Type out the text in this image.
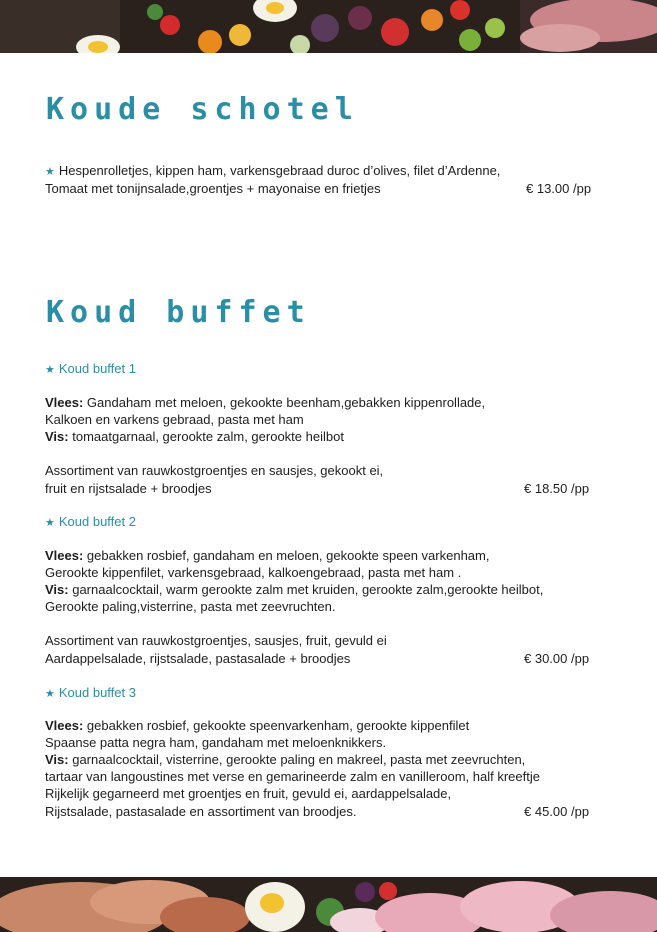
Koude schotel
★ Hespenrolletjes, kippen ham, varkensgebraad duroc d’olives, filet d’Ardenne,
Tomaat met tonijnsalade,groentjes + mayonaise en frietjes	€ 13.00 /pp
Koud buffet
★ Koud buffet 1
Vlees: Gandaham met meloen, gekookte beenham,gebakken kippenrollade,
Kalkoen en varkens gebraad, pasta met ham
Vis: tomaatgarnaal, gerookte zalm, gerookte heilbot
Assortiment van rauwkostgroentjes en sausjes, gekookt ei,
fruit en rijstsalade + broodjes	€ 18.50 /pp
★ Koud buffet 2
Vlees: gebakken rosbief, gandaham en meloen, gekookte speen varkenham,
Gerookte kippenfilet, varkensgebraad, kalkoengebraad, pasta met ham .
Vis: garnaalcocktail, warm gerookte zalm met kruiden, gerookte zalm,gerookte heilbot,
Gerookte paling,visterrine, pasta met zeevruchten.
Assortiment van rauwkostgroentjes, sausjes, fruit, gevuld ei
Aardappelsalade, rijstsalade, pastasalade + broodjes	€ 30.00 /pp
★ Koud buffet 3
Vlees: gebakken rosbief, gekookte speenvarkenham, gerookte kippenfilet
Spaanse patta negra ham, gandaham met meloenknikkers.
Vis: garnaalcocktail, visterrine, gerookte paling en makreel, pasta met zeevruchten,
tartaar van langoustines met verse en gemarineerde zalm en vanilleroom, half kreeftje
Rijkelijk gegarneerd met groentjes en fruit, gevuld ei, aardappelsalade,
Rijstsalade, pastasalade en assortiment van broodjes.	€ 45.00 /pp
